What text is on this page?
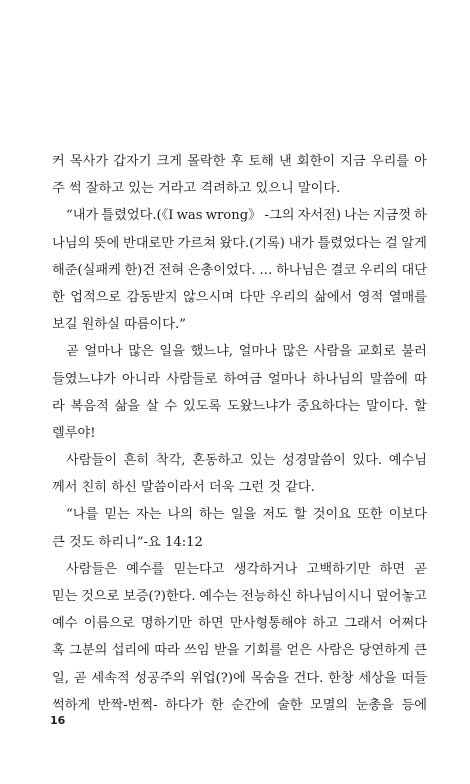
커 목사가 갑자기 크게 몰락한 후 토해 낸 회한이 지금 우리를 아
주 썩 잘하고 있는 거라고 격려하고 있으니 말이다.
“내가 틀렸었다.(《I was wrong》 -그의 자서전) 나는 지금껏 하
나님의 뜻에 반대로만 가르쳐 왔다.(기록) 내가 틀렸었다는 걸 알게
해준(실패케 한)건 전혀 은총이었다. … 하나님은 결코 우리의 대단
한 업적으로 감동받지 않으시며 다만 우리의 삶에서 영적 열매를
보길 원하실 따름이다.”
곧 얼마나 많은 일을 했느냐, 얼마나 많은 사람을 교회로 불러
들였느냐가 아니라 사람들로 하여금 얼마나 하나님의 말씀에 따
라 복음적 삶을 살 수 있도록 도왔느냐가 중요하다는 말이다. 할
렐루야!
사람들이 흔히 착각, 혼동하고 있는 성경말씀이 있다. 예수님
께서 친히 하신 말씀이라서 더욱 그런 것 같다.
“나를 믿는 자는 나의 하는 일을 저도 할 것이요 또한 이보다
큰 것도 하리니”-요 14:12
사람들은 예수를 믿는다고 생각하거나 고백하기만 하면 곧
믿는 것으로 보증(?)한다. 예수는 전능하신 하나님이시니 덮어놓고
예수 이름으로 명하기만 하면 만사형통해야 하고 그래서 어쩌다
혹 그분의 섭리에 따라 쓰임 받을 기회를 얻은 사람은 당연하게 큰
일, 곧 세속적 성공주의 위업(?)에 목숨을 건다. 한창 세상을 떠들
썩하게 반짝-번쩍- 하다가 한 순간에 술한 모멸의 눈총을 등에
16
